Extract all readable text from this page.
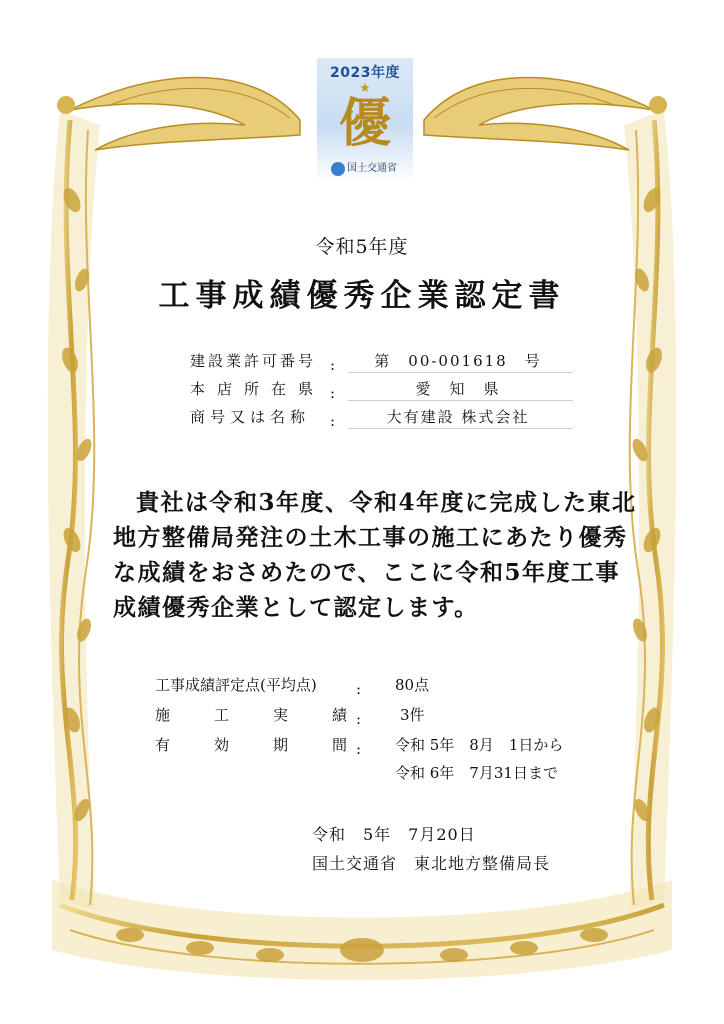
2023年度
★
優
国土交通省
令和5年度
工事成績優秀企業認定書
建設業許可番号 :	第　00-001618　号
本店所在県 :	愛　知　県
商号又は名称	:	大有建設 株式会社
貴社は令和3年度、令和4年度に完成した東北
地方整備局発注の土木工事の施工にあたり優秀
な成績をおさめたので、ここに令和5年度工事
成績優秀企業として認定します。
工事成績評定点(平均点)	: 80点
施	工	実	績 :	3件
有	効	期	間 : 令和 5年　8月　1日から
令和 6年　7月31日まで
令和　5年　7月20日
国土交通省　東北地方整備局長
